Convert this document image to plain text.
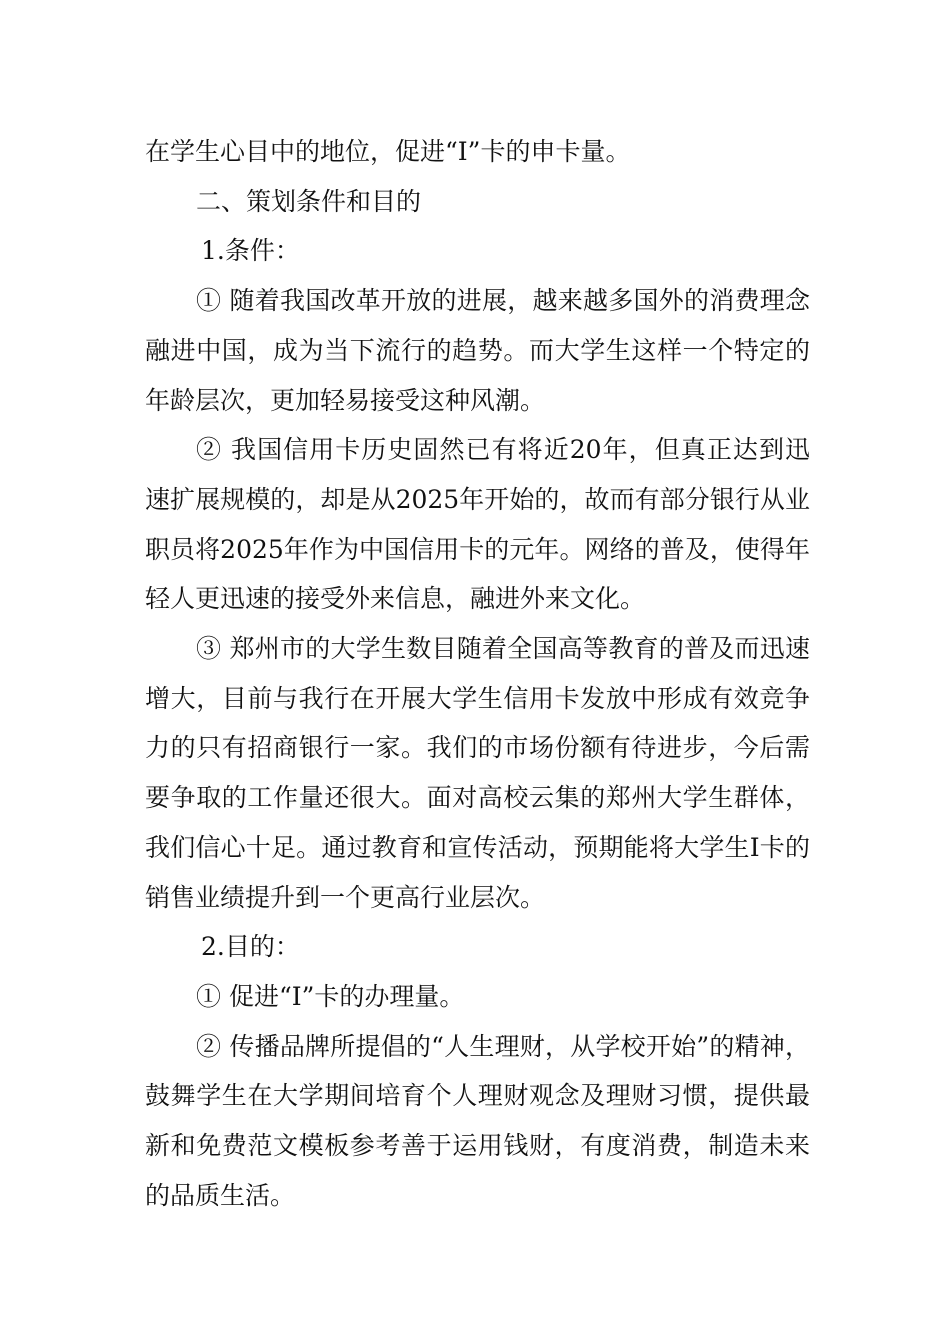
在学生心目中的地位，促进“I”卡的申卡量。

二、策划条件和目的

1.条件：

① 随着我国改革开放的进展，越来越多国外的消费理念融进中国，成为当下流行的趋势。而大学生这样一个特定的年龄层次，更加轻易接受这种风潮。

② 我国信用卡历史固然已有将近20年，但真正达到迅速扩展规模的，却是从2025年开始的，故而有部分银行从业职员将2025年作为中国信用卡的元年。网络的普及，使得年轻人更迅速的接受外来信息，融进外来文化。

③ 郑州市的大学生数目随着全国高等教育的普及而迅速增大，目前与我行在开展大学生信用卡发放中形成有效竞争力的只有招商银行一家。我们的市场份额有待进步，今后需要争取的工作量还很大。面对高校云集的郑州大学生群体，我们信心十足。通过教育和宣传活动，预期能将大学生I卡的销售业绩提升到一个更高行业层次。

2.目的：

① 促进“I”卡的办理量。

② 传播品牌所提倡的“人生理财，从学校开始”的精神，鼓舞学生在大学期间培育个人理财观念及理财习惯，提供最新和免费范文模板参考善于运用钱财，有度消费，制造未来的品质生活。
